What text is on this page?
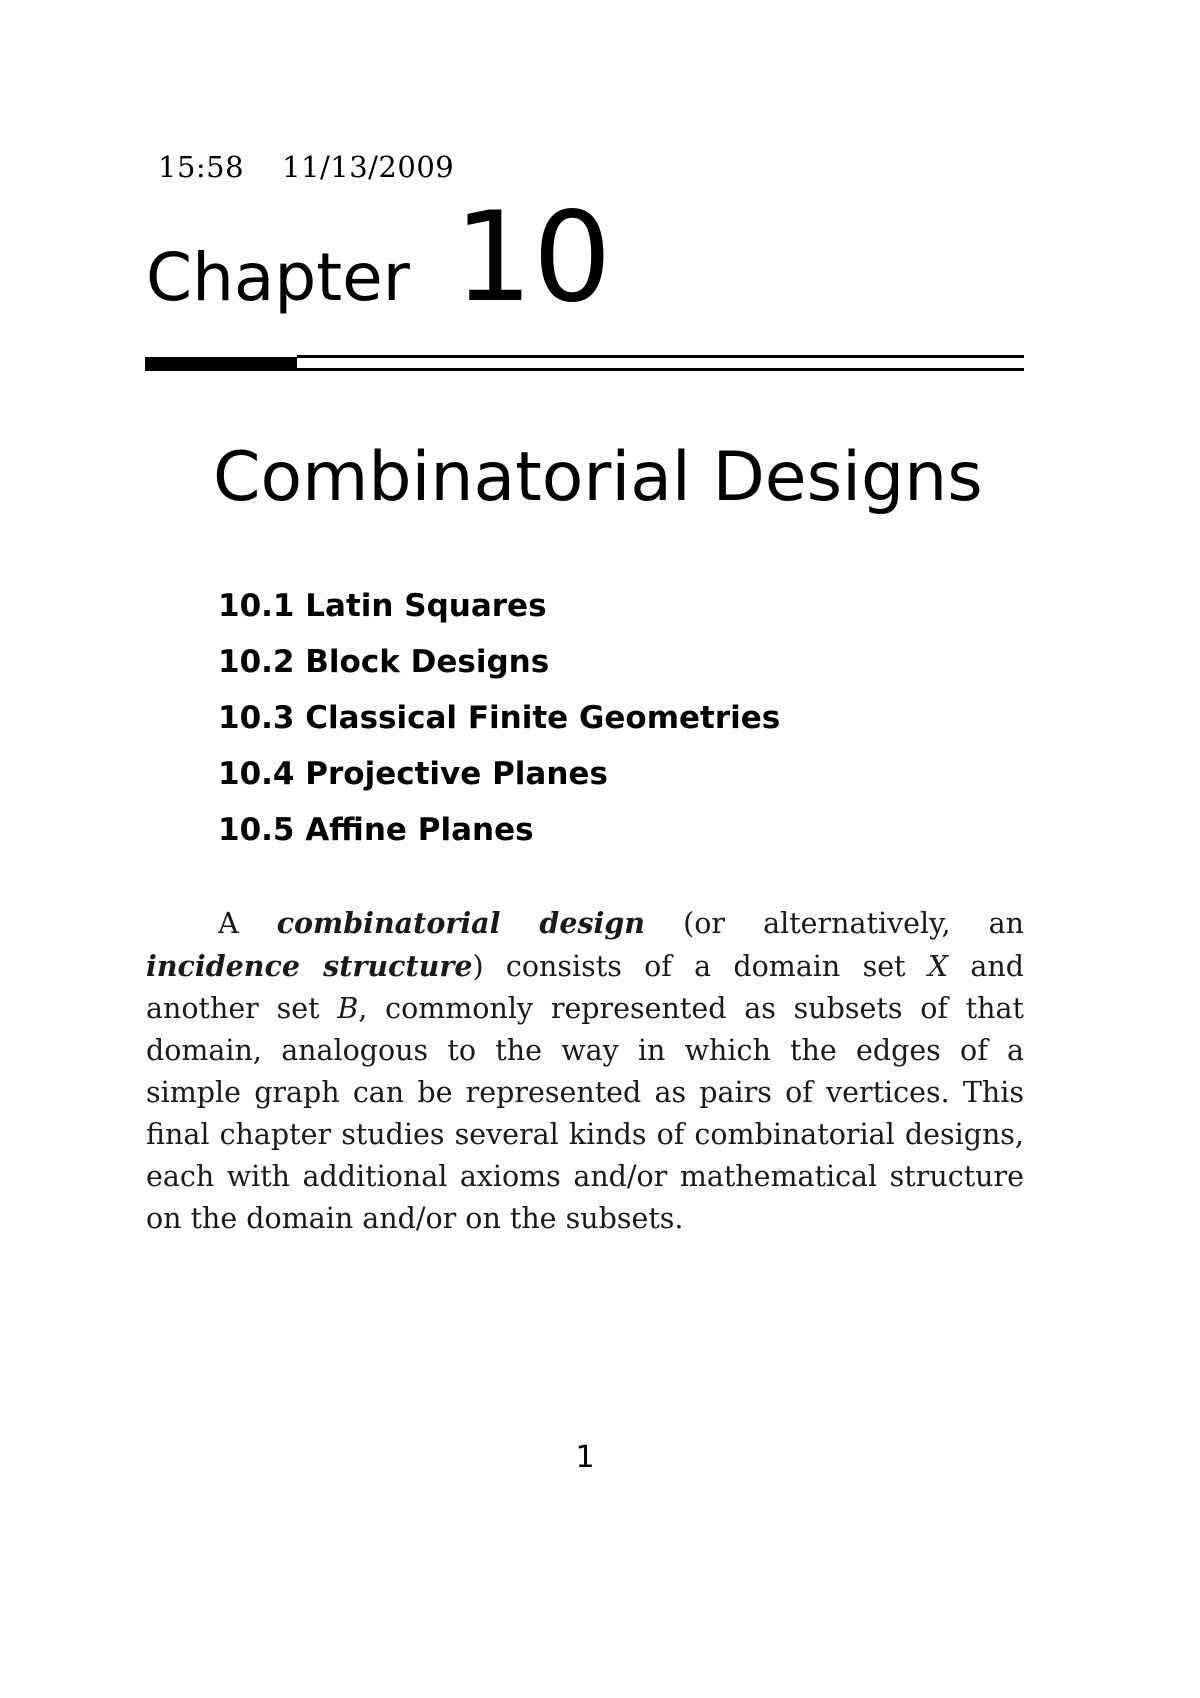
15:58 11/13/2009
Chapter 10
Combinatorial Designs
10.1 Latin Squares
10.2 Block Designs
10.3 Classical Finite Geometries
10.4 Projective Planes
10.5 Affine Planes

A combinatorial design (or alternatively, an incidence structure) consists of a domain set X and another set B, commonly represented as subsets of that domain, analogous to the way in which the edges of a simple graph can be represented as pairs of vertices. This final chapter studies several kinds of combinatorial designs, each with additional axioms and/or mathematical structure on the domain and/or on the subsets.

1
